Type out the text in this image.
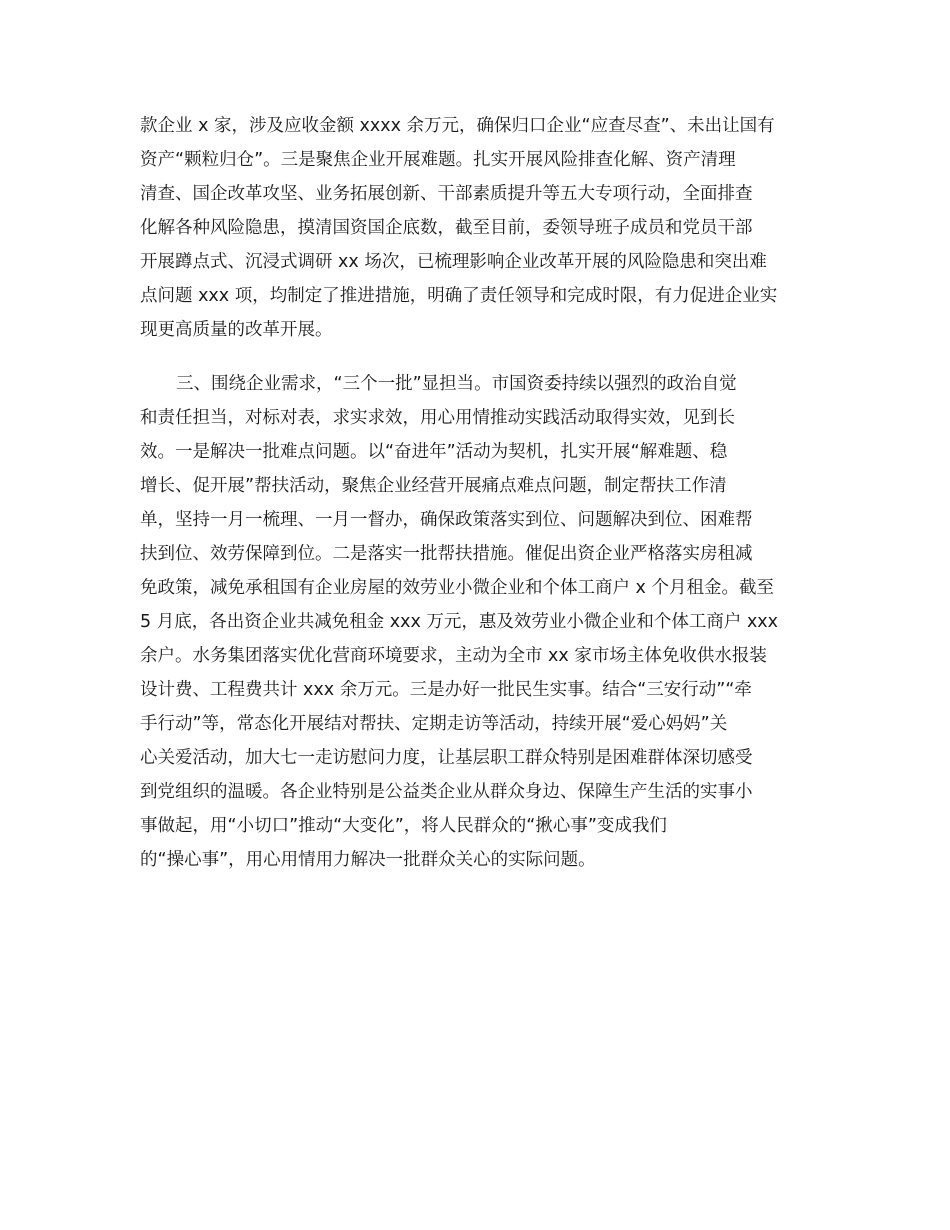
款企业 x 家，涉及应收金额 xxxx 余万元，确保归口企业“应查尽查”、未出让国有
资产“颗粒归仓”。三是聚焦企业开展难题。扎实开展风险排查化解、资产清理
清查、国企改革攻坚、业务拓展创新、干部素质提升等五大专项行动，全面排查
化解各种风险隐患，摸清国资国企底数，截至目前，委领导班子成员和党员干部
开展蹲点式、沉浸式调研 xx 场次，已梳理影响企业改革开展的风险隐患和突出难
点问题 xxx 项，均制定了推进措施，明确了责任领导和完成时限，有力促进企业实
现更高质量的改革开展。
三、围绕企业需求，“三个一批”显担当。市国资委持续以强烈的政治自觉
和责任担当，对标对表，求实求效，用心用情推动实践活动取得实效，见到长
效。一是解决一批难点问题。以“奋进年”活动为契机，扎实开展“解难题、稳
增长、促开展”帮扶活动，聚焦企业经营开展痛点难点问题，制定帮扶工作清
单，坚持一月一梳理、一月一督办，确保政策落实到位、问题解决到位、困难帮
扶到位、效劳保障到位。二是落实一批帮扶措施。催促出资企业严格落实房租减
免政策，减免承租国有企业房屋的效劳业小微企业和个体工商户 x 个月租金。截至
5 月底，各出资企业共减免租金 xxx 万元，惠及效劳业小微企业和个体工商户 xxx
余户。水务集团落实优化营商环境要求，主动为全市 xx 家市场主体免收供水报装
设计费、工程费共计 xxx 余万元。三是办好一批民生实事。结合“三安行动”“牵
手行动”等，常态化开展结对帮扶、定期走访等活动，持续开展“爱心妈妈”关
心关爱活动，加大七一走访慰问力度，让基层职工群众特别是困难群体深切感受
到党组织的温暖。各企业特别是公益类企业从群众身边、保障生产生活的实事小
事做起，用“小切口”推动“大变化”，将人民群众的“揪心事”变成我们
的“操心事”，用心用情用力解决一批群众关心的实际问题。
